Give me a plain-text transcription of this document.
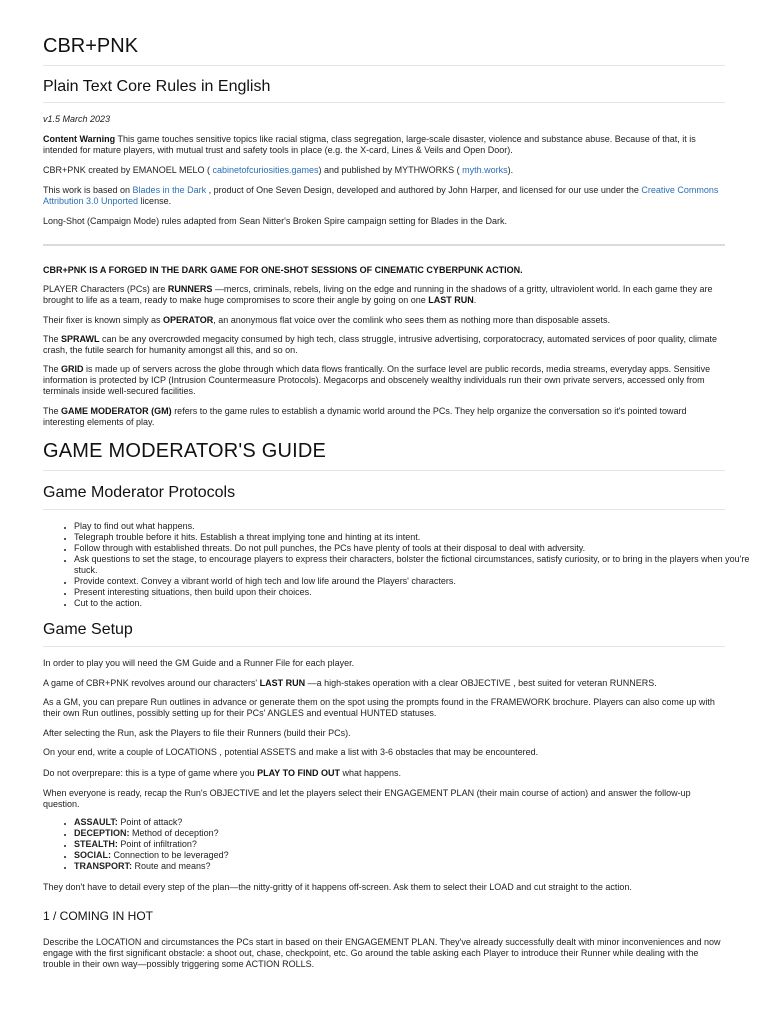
CBR+PNK
Plain Text Core Rules in English

v1.5 March 2023

Content Warning This game touches sensitive topics like racial stigma, class segregation, large-scale disaster, violence and substance abuse. Because of that, it is intended for mature players, with mutual trust and safety tools in place (e.g. the X-card, Lines & Veils and Open Door).

CBR+PNK created by EMANOEL MELO ( cabinetofcuriosities.games) and published by MYTHWORKS ( myth.works).

This work is based on Blades in the Dark , product of One Seven Design, developed and authored by John Harper, and licensed for our use under the Creative Commons Attribution 3.0 Unported license.

Long-Shot (Campaign Mode) rules adapted from Sean Nitter's Broken Spire campaign setting for Blades in the Dark.

CBR+PNK IS A FORGED IN THE DARK GAME FOR ONE-SHOT SESSIONS OF CINEMATIC CYBERPUNK ACTION.

PLAYER Characters (PCs) are RUNNERS —mercs, criminals, rebels, living on the edge and running in the shadows of a gritty, ultraviolent world. In each game they are brought to life as a team, ready to make huge compromises to score their angle by going on one LAST RUN.

Their fixer is known simply as OPERATOR, an anonymous flat voice over the comlink who sees them as nothing more than disposable assets.

The SPRAWL can be any overcrowded megacity consumed by high tech, class struggle, intrusive advertising, corporatocracy, automated services of poor quality, climate crash, the futile search for humanity amongst all this, and so on.

The GRID is made up of servers across the globe through which data flows frantically. On the surface level are public records, media streams, everyday apps. Sensitive information is protected by ICP (Intrusion Countermeasure Protocols). Megacorps and obscenely wealthy individuals run their own private servers, accessed only from terminals inside well-secured facilities.

The GAME MODERATOR (GM) refers to the game rules to establish a dynamic world around the PCs. They help organize the conversation so it's pointed toward interesting elements of play.

GAME MODERATOR'S GUIDE
Game Moderator Protocols
• Play to find out what happens.
• Telegraph trouble before it hits. Establish a threat implying tone and hinting at its intent.
• Follow through with established threats. Do not pull punches, the PCs have plenty of tools at their disposal to deal with adversity.
• Ask questions to set the stage, to encourage players to express their characters, bolster the fictional circumstances, satisfy curiosity, or to bring in the players when you're stuck.
• Provide context. Convey a vibrant world of high tech and low life around the Players' characters.
• Present interesting situations, then build upon their choices.
• Cut to the action.
Game Setup

In order to play you will need the GM Guide and a Runner File for each player.

A game of CBR+PNK revolves around our characters' LAST RUN —a high-stakes operation with a clear OBJECTIVE , best suited for veteran RUNNERS.

As a GM, you can prepare Run outlines in advance or generate them on the spot using the prompts found in the FRAMEWORK brochure. Players can also come up with their own Run outlines, possibly setting up for their PCs' ANGLES and eventual HUNTED statuses.

After selecting the Run, ask the Players to file their Runners (build their PCs).

On your end, write a couple of LOCATIONS , potential ASSETS and make a list with 3-6 obstacles that may be encountered.

Do not overprepare: this is a type of game where you PLAY TO FIND OUT what happens.

When everyone is ready, recap the Run's OBJECTIVE and let the players select their ENGAGEMENT PLAN (their main course of action) and answer the follow-up question.

• ASSAULT: Point of attack?
• DECEPTION: Method of deception?
• STEALTH: Point of infiltration?
• SOCIAL: Connection to be leveraged?
• TRANSPORT: Route and means?

They don't have to detail every step of the plan—the nitty-gritty of it happens off-screen. Ask them to select their LOAD and cut straight to the action.

1 / COMING IN HOT

Describe the LOCATION and circumstances the PCs start in based on their ENGAGEMENT PLAN. They've already successfully dealt with minor inconveniences and now engage with the first significant obstacle: a shoot out, chase, checkpoint, etc. Go around the table asking each Player to introduce their Runner while dealing with the trouble in their own way—possibly triggering some ACTION ROLLS.
